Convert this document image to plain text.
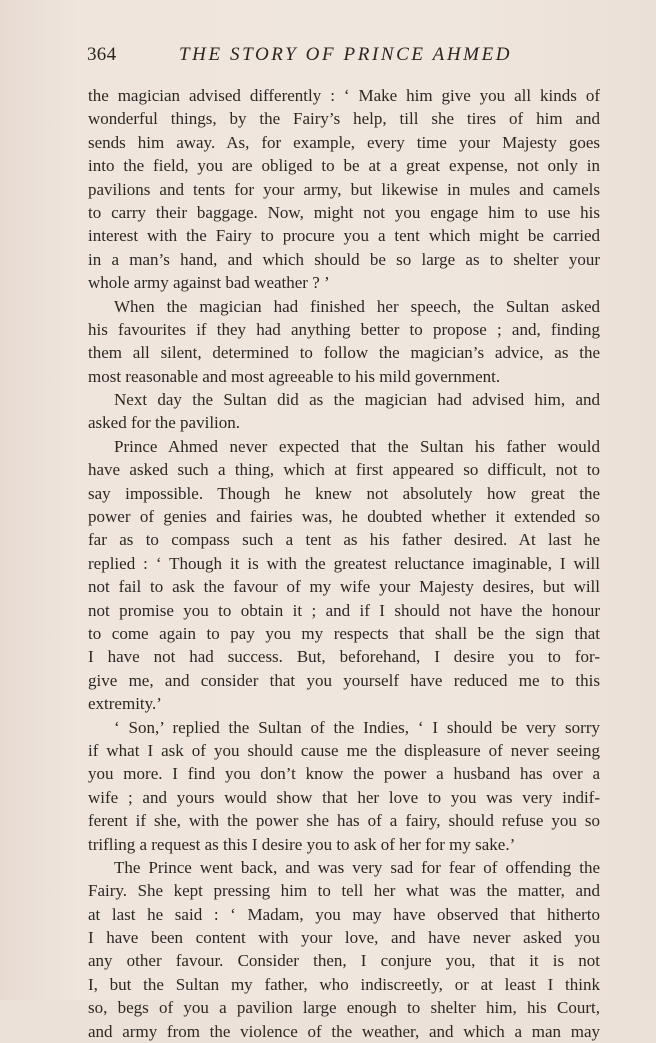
364	THE STORY OF PRINCE AHMED
the magician advised differently : ‘ Make him give you all kinds of
wonderful things, by the Fairy’s help, till she tires of him and
sends him away. As, for example, every time your Majesty goes
into the field, you are obliged to be at a great expense, not only in
pavilions and tents for your army, but likewise in mules and camels
to carry their baggage. Now, might not you engage him to use his
interest with the Fairy to procure you a tent which might be carried
in a man’s hand, and which should be so large as to shelter your
whole army against bad weather ? ’
When the magician had finished her speech, the Sultan asked
his favourites if they had anything better to propose ; and, finding
them all silent, determined to follow the magician’s advice, as the
most reasonable and most agreeable to his mild government.
Next day the Sultan did as the magician had advised him, and
asked for the pavilion.
Prince Ahmed never expected that the Sultan his father would
have asked such a thing, which at first appeared so difficult, not to
say impossible. Though he knew not absolutely how great the
power of genies and fairies was, he doubted whether it extended so
far as to compass such a tent as his father desired. At last he
replied : ‘ Though it is with the greatest reluctance imaginable, I will
not fail to ask the favour of my wife your Majesty desires, but will
not promise you to obtain it ; and if I should not have the honour
to come again to pay you my respects that shall be the sign that
I have not had success. But, beforehand, I desire you to for-
give me, and consider that you yourself have reduced me to this
extremity.’
‘ Son,’ replied the Sultan of the Indies, ‘ I should be very sorry
if what I ask of you should cause me the displeasure of never seeing
you more. I find you don’t know the power a husband has over a
wife ; and yours would show that her love to you was very indif-
ferent if she, with the power she has of a fairy, should refuse you so
trifling a request as this I desire you to ask of her for my sake.’
The Prince went back, and was very sad for fear of offending the
Fairy. She kept pressing him to tell her what was the matter, and
at last he said : ‘ Madam, you may have observed that hitherto
I have been content with your love, and have never asked you
any other favour. Consider then, I conjure you, that it is not
I, but the Sultan my father, who indiscreetly, or at least I think
so, begs of you a pavilion large enough to shelter him, his Court,
and army from the violence of the weather, and which a man may
